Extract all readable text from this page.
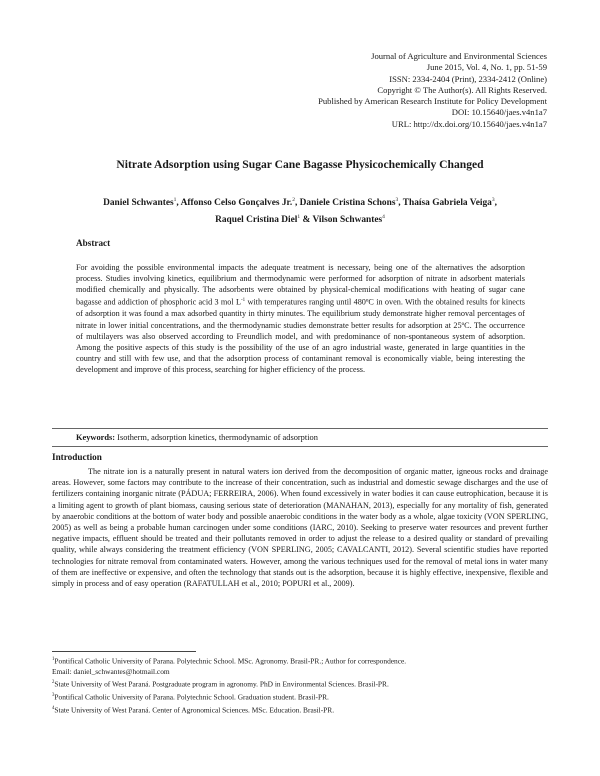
Journal of Agriculture and Environmental Sciences
June 2015, Vol. 4, No. 1, pp. 51-59
ISSN: 2334-2404 (Print), 2334-2412 (Online)
Copyright © The Author(s). All Rights Reserved.
Published by American Research Institute for Policy Development
DOI: 10.15640/jaes.v4n1a7
URL: http://dx.doi.org/10.15640/jaes.v4n1a7
Nitrate Adsorption using Sugar Cane Bagasse Physicochemically Changed
Daniel Schwantes$^1$, Affonso Celso Gonçalves Jr.$^2$, Daniele Cristina Schons$^3$, Thaísa Gabriela Veiga$^3$,
Raquel Cristina Diel$^1$ & Vilson Schwantes$^4$
Abstract
For avoiding the possible environmental impacts the adequate treatment is necessary, being one of the alternatives the adsorption process. Studies involving kinetics, equilibrium and thermodynamic were performed for adsorption of nitrate in adsorbent materials modified chemically and physically. The adsorbents were obtained by physical-chemical modifications with heating of sugar cane bagasse and addiction of phosphoric acid 3 mol $L^{-1}$ with temperatures ranging until 480ºC in oven. With the obtained results for kinects of adsorption it was found a max adsorbed quantity in thirty minutes. The equilibrium study demonstrate higher removal percentages of nitrate in lower initial concentrations, and the thermodynamic studies demonstrate better results for adsorption at 25ºC. The occurrence of multilayers was also observed according to Freundlich model, and with predominance of non-spontaneous system of adsorption. Among the positive aspects of this study is the possibility of the use of an agro industrial waste, generated in large quantities in the country and still with few use, and that the adsorption process of contaminant removal is economically viable, being interesting the development and improve of this process, searching for higher efficiency of the process.
Keywords: Isotherm, adsorption kinetics, thermodynamic of adsorption
Introduction
The nitrate ion is a naturally present in natural waters ion derived from the decomposition of organic matter, igneous rocks and drainage areas. However, some factors may contribute to the increase of their concentration, such as industrial and domestic sewage discharges and the use of fertilizers containing inorganic nitrate (PÁDUA; FERREIRA, 2006). When found excessively in water bodies it can cause eutrophication, because it is a limiting agent to growth of plant biomass, causing serious state of deterioration (MANAHAN, 2013), especially for any mortality of fish, generated by anaerobic conditions at the bottom of water body and possible anaerobic conditions in the water body as a whole, algae toxicity (VON SPERLING, 2005) as well as being a probable human carcinogen under some conditions (IARC, 2010). Seeking to preserve water resources and prevent further negative impacts, effluent should be treated and their pollutants removed in order to adjust the release to a desired quality or standard of prevailing quality, while always considering the treatment efficiency (VON SPERLING, 2005; CAVALCANTI, 2012). Several scientific studies have reported technologies for nitrate removal from contaminated waters. However, among the various techniques used for the removal of metal ions in water many of them are ineffective or expensive, and often the technology that stands out is the adsorption, because it is highly effective, inexpensive, flexible and simply in process and of easy operation (RAFATULLAH et al., 2010; POPURI et al., 2009).
$^1$Pontifical Catholic University of Parana. Polytechnic School. MSc. Agronomy. Brasil-PR.; Author for correspondence.
Email: daniel_schwantes@hotmail.com
$^2$State University of West Paraná. Postgraduate program in agronomy. PhD in Environmental Sciences. Brasil-PR.
$^3$Pontifical Catholic University of Parana. Polytechnic School. Graduation student. Brasil-PR.
$^4$State University of West Paraná. Center of Agronomical Sciences. MSc. Education. Brasil-PR.
